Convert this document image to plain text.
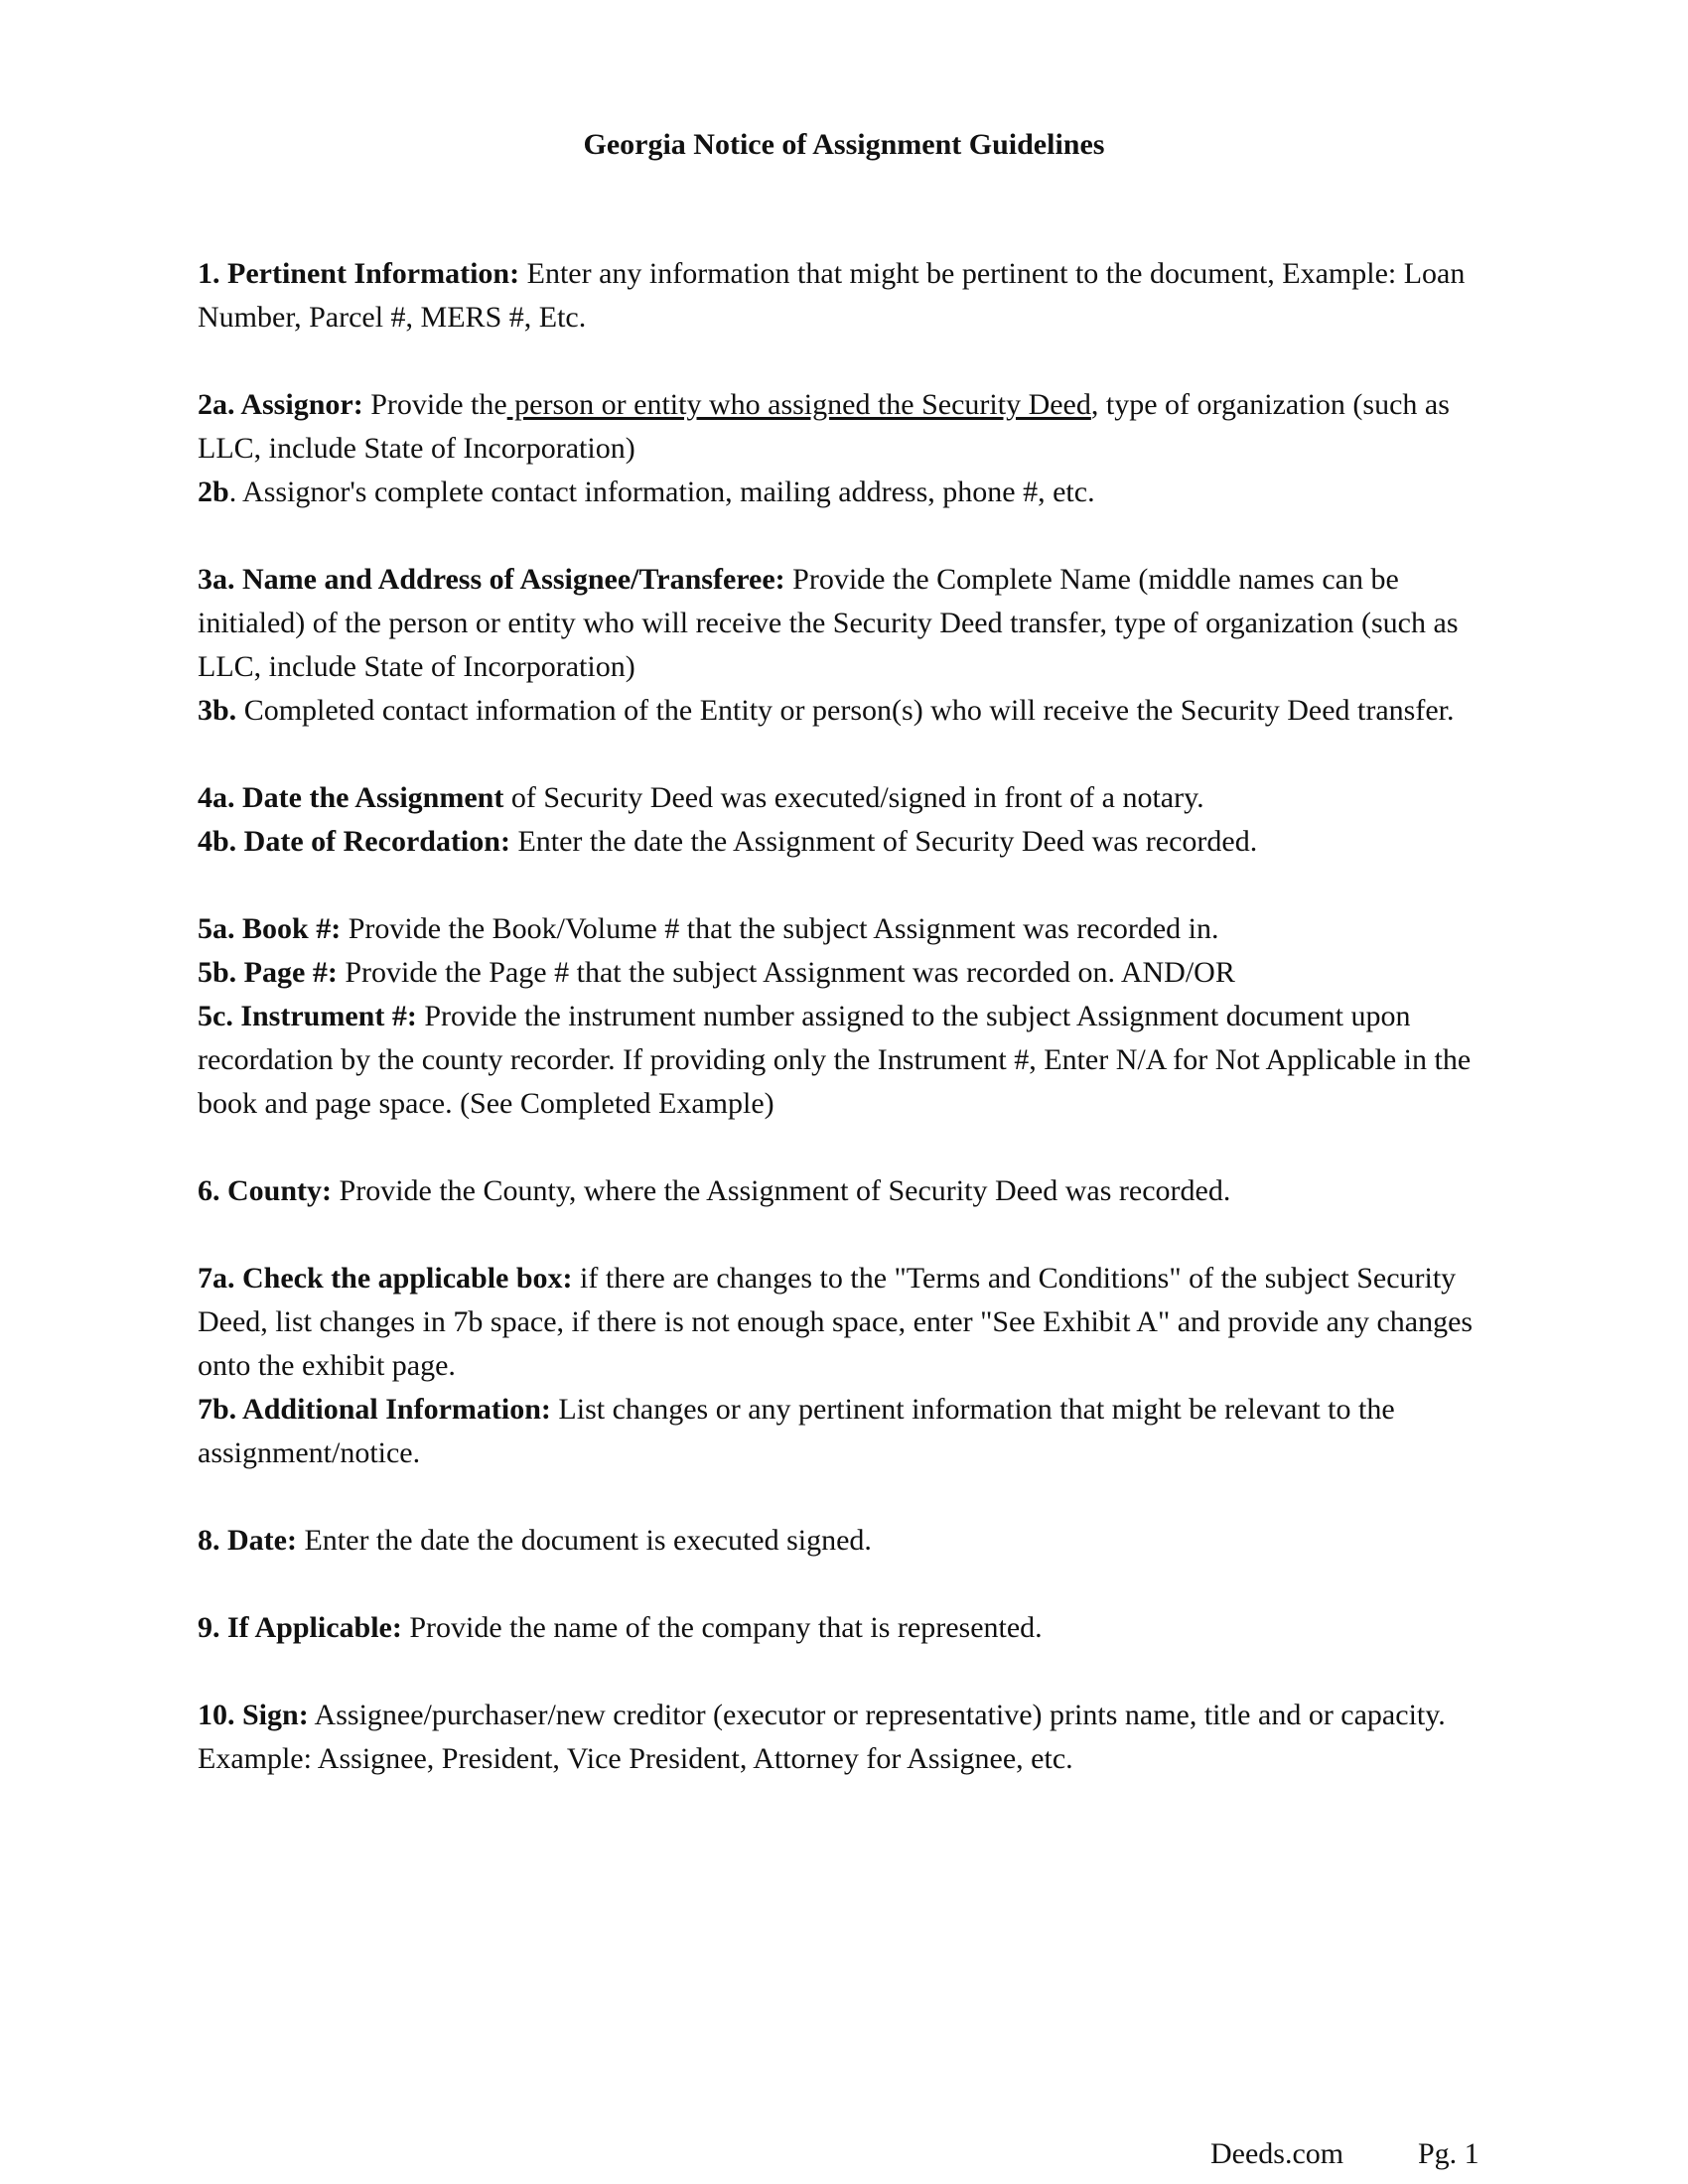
Georgia Notice of Assignment Guidelines

1. Pertinent Information: Enter any information that might be pertinent to the document, Example: Loan Number, Parcel #, MERS #, Etc.

2a. Assignor: Provide the person or entity who assigned the Security Deed, type of organization (such as LLC, include State of Incorporation)

2b. Assignor's complete contact information, mailing address, phone #, etc.

3a. Name and Address of Assignee/Transferee: Provide the Complete Name (middle names can be initialed) of the person or entity who will receive the Security Deed transfer, type of organization (such as LLC, include State of Incorporation)

3b. Completed contact information of the Entity or person(s) who will receive the Security Deed transfer.

4a. Date the Assignment of Security Deed was executed/signed in front of a notary.

4b. Date of Recordation: Enter the date the Assignment of Security Deed was recorded.

5a. Book #: Provide the Book/Volume # that the subject Assignment was recorded in.

5b. Page #: Provide the Page # that the subject Assignment was recorded on. AND/OR

5c. Instrument #: Provide the instrument number assigned to the subject Assignment document upon recordation by the county recorder. If providing only the Instrument #, Enter N/A for Not Applicable in the book and page space. (See Completed Example)

6. County: Provide the County, where the Assignment of Security Deed was recorded.

7a. Check the applicable box: if there are changes to the "Terms and Conditions" of the subject Security Deed, list changes in 7b space, if there is not enough space, enter "See Exhibit A" and provide any changes onto the exhibit page.

7b. Additional Information: List changes or any pertinent information that might be relevant to the assignment/notice.

8. Date: Enter the date the document is executed signed.

9. If Applicable: Provide the name of the company that is represented.

10. Sign: Assignee/purchaser/new creditor (executor or representative) prints name, title and or capacity. Example: Assignee, President, Vice President, Attorney for Assignee, etc.

Deeds.com Pg. 1
